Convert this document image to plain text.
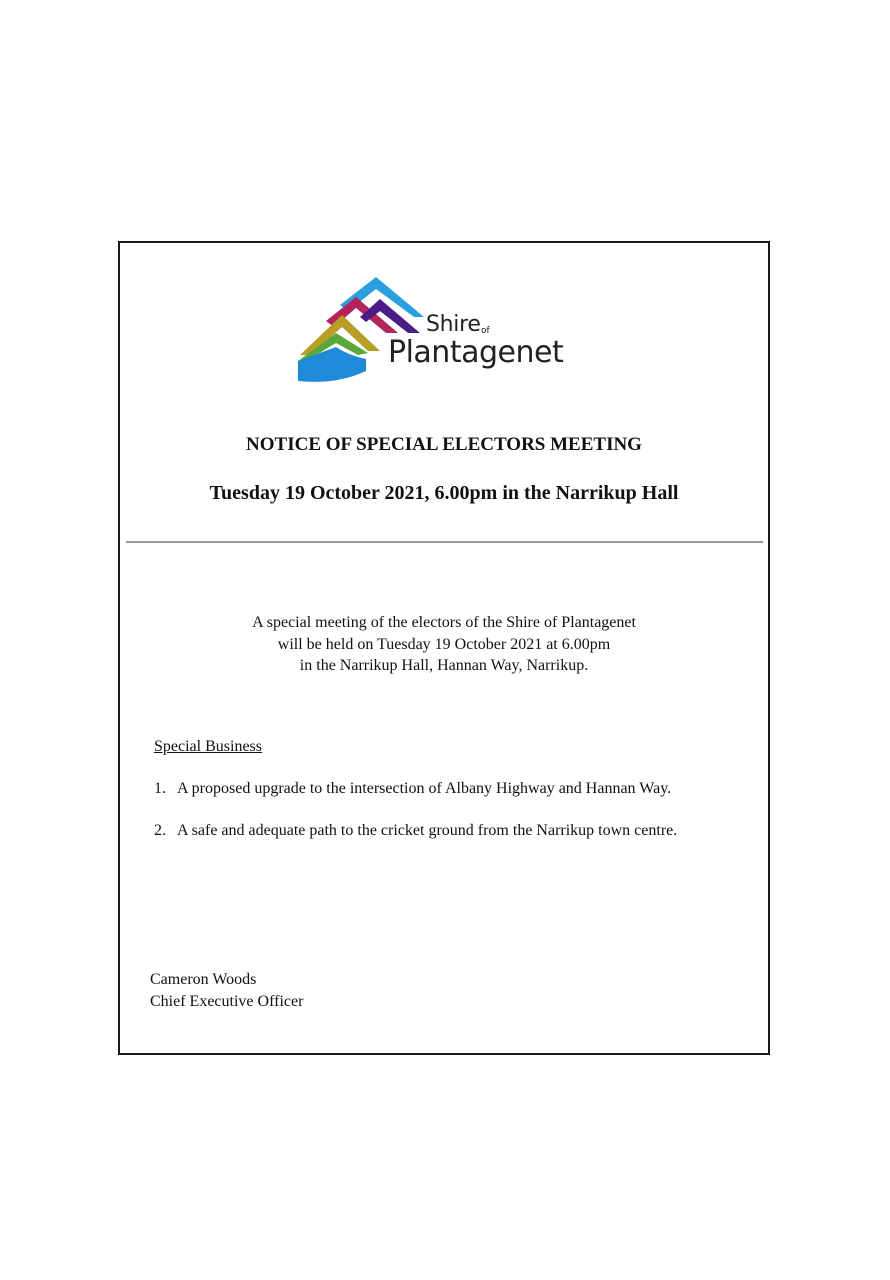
Shire of
Plantagenet
NOTICE OF SPECIAL ELECTORS MEETING
Tuesday 19 October 2021, 6.00pm in the Narrikup Hall
A special meeting of the electors of the Shire of Plantagenet
will be held on Tuesday 19 October 2021 at 6.00pm
in the Narrikup Hall, Hannan Way, Narrikup.
Special Business
1. A proposed upgrade to the intersection of Albany Highway and Hannan Way.
2. A safe and adequate path to the cricket ground from the Narrikup town centre.
Cameron Woods
Chief Executive Officer
